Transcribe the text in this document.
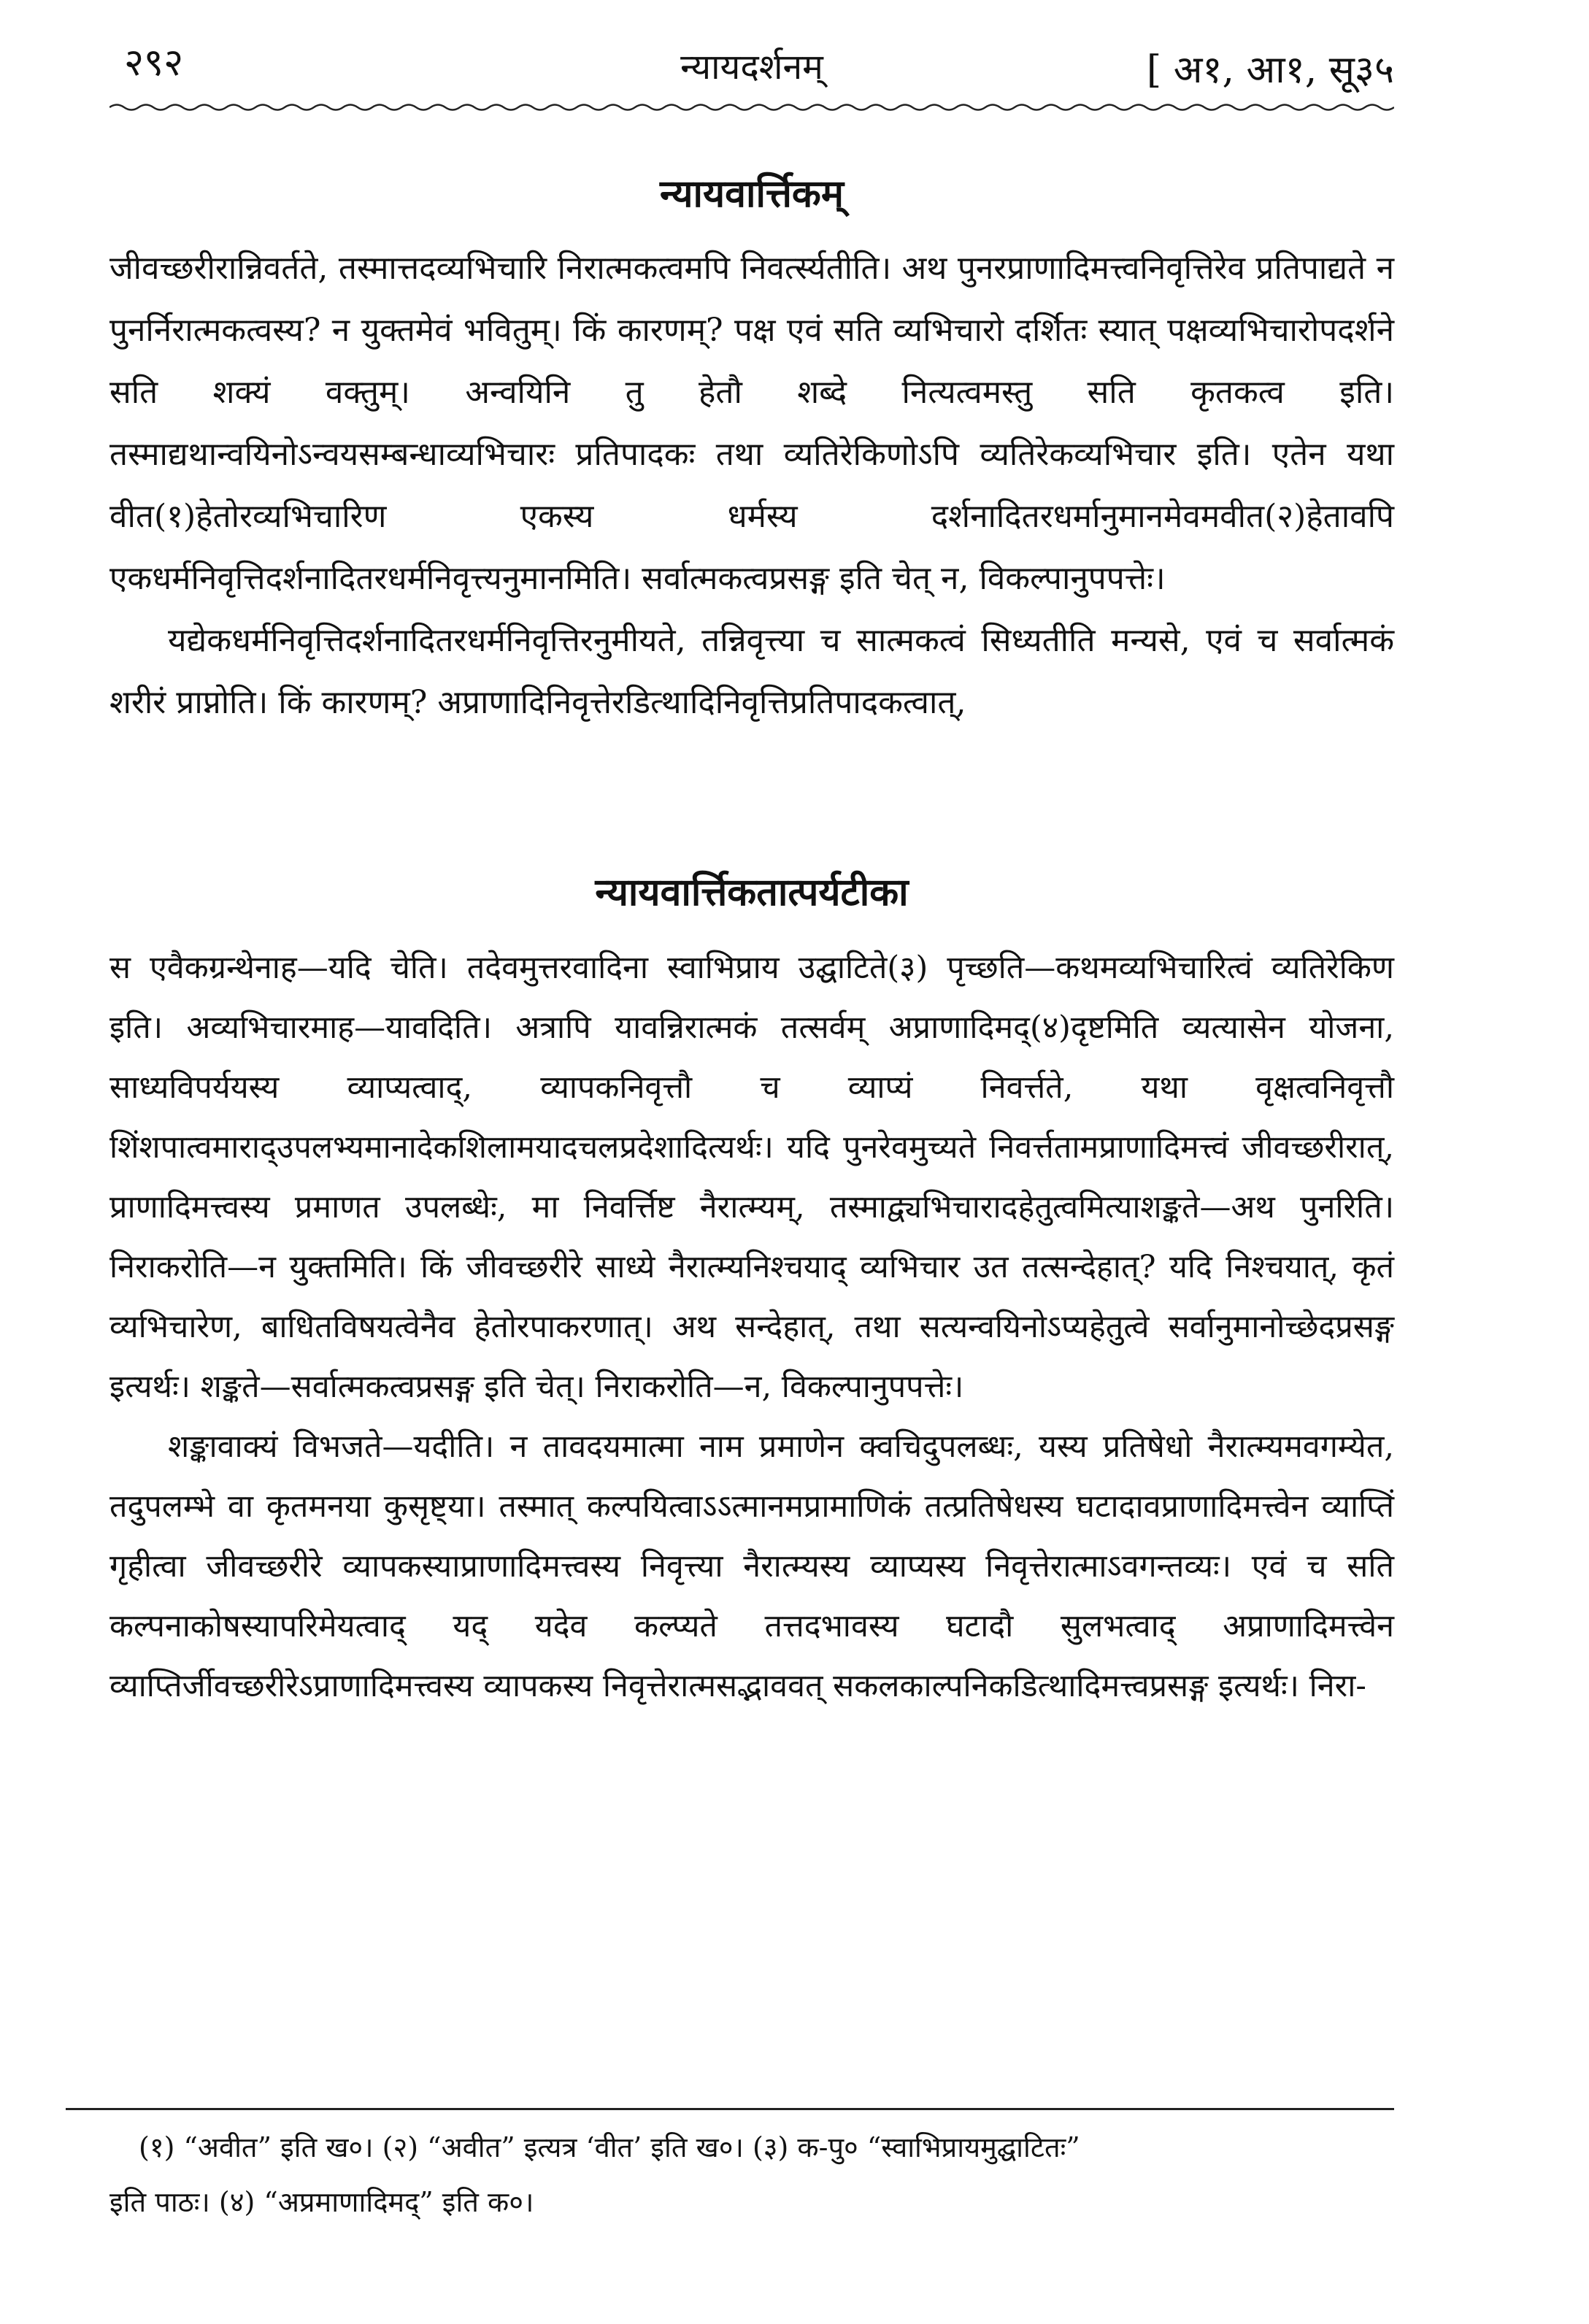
२९२	न्यायदर्शनम्	[ अ१, आ१, सू३५
न्यायवार्त्तिकम्

जीवच्छरीरान्निवर्तते, तस्मात्तदव्यभिचारि निरात्मकत्वमपि निवर्त्स्यतीति। अथ पुनरप्राणादिमत्त्वनिवृत्तिरेव प्रतिपाद्यते न पुनर्निरात्मकत्वस्य? न युक्तमेवं भवितुम्। किं कारणम्? पक्ष एवं सति व्यभिचारो दर्शितः स्यात् पक्षव्यभिचारोपदर्शने सति शक्यं वक्तुम्। अन्वयिनि तु हेतौ शब्दे नित्यत्वमस्तु सति कृतकत्व इति। तस्माद्यथान्वयिनोऽन्वयसम्बन्धाव्यभिचारः प्रतिपादकः तथा व्यतिरेकिणोऽपि व्यतिरेकव्यभिचार इति। एतेन यथा वीत(१)हेतोरव्यभिचारिण एकस्य धर्मस्य दर्शनादितरधर्मानुमानमेवमवीत(२)हेतावपि एकधर्मनिवृत्तिदर्शनादितरधर्मनिवृत्त्यनुमानमिति। सर्वात्मकत्वप्रसङ्ग इति चेत् न, विकल्पानुपपत्तेः।

यद्येकधर्मनिवृत्तिदर्शनादितरधर्मनिवृत्तिरनुमीयते, तन्निवृत्त्या च सात्मकत्वं सिध्यतीति मन्यसे, एवं च सर्वात्मकं शरीरं प्राप्नोति। किं कारणम्? अप्राणादिनिवृत्तेरडित्थादिनिवृत्तिप्रतिपादकत्वात्,

न्यायवार्त्तिकतात्पर्यटीका

स एवैकग्रन्थेनाह—यदि चेति। तदेवमुत्तरवादिना स्वाभिप्राय उद्घाटिते(३) पृच्छति—कथमव्यभिचारित्वं व्यतिरेकिण इति। अव्यभिचारमाह—यावदिति। अत्रापि यावन्निरात्मकं तत्सर्वम् अप्राणादिमद्(४)दृष्टमिति व्यत्यासेन योजना, साध्यविपर्ययस्य व्याप्यत्वाद्, व्यापकनिवृत्तौ च व्याप्यं निवर्त्तते, यथा वृक्षत्वनिवृत्तौ शिंशपात्वमाराद्उपलभ्यमानादेकशिलामयादचलप्रदेशादित्यर्थः। यदि पुनरेवमुच्यते निवर्त्ततामप्राणादिमत्त्वं जीवच्छरीरात्, प्राणादिमत्त्वस्य प्रमाणत उपलब्धेः, मा निवर्त्तिष्ट नैरात्म्यम्, तस्माद्व्यभिचारादहेतुत्वमित्याशङ्कते—अथ पुनरिति। निराकरोति—न युक्तमिति। किं जीवच्छरीरे साध्ये नैरात्म्यनिश्चयाद् व्यभिचार उत तत्सन्देहात्? यदि निश्चयात्, कृतं व्यभिचारेण, बाधितविषयत्वेनैव हेतोरपाकरणात्। अथ सन्देहात्, तथा सत्यन्वयिनोऽप्यहेतुत्वे सर्वानुमानोच्छेदप्रसङ्ग इत्यर्थः। शङ्कते—सर्वात्मकत्वप्रसङ्ग इति चेत्। निराकरोति—न, विकल्पानुपपत्तेः।

शङ्कावाक्यं विभजते—यदीति। न तावदयमात्मा नाम प्रमाणेन क्वचिदुपलब्धः, यस्य प्रतिषेधो नैरात्म्यमवगम्येत, तदुपलम्भे वा कृतमनया कुसृष्ट्या। तस्मात् कल्पयित्वाऽऽत्मानमप्रामाणिकं तत्प्रतिषेधस्य घटादावप्राणादिमत्त्वेन व्याप्तिं गृहीत्वा जीवच्छरीरे व्यापकस्याप्राणादिमत्त्वस्य निवृत्त्या नैरात्म्यस्य व्याप्यस्य निवृत्तेरात्माऽवगन्तव्यः। एवं च सति कल्पनाकोषस्यापरिमेयत्वाद् यद् यदेव कल्प्यते तत्तदभावस्य घटादौ सुलभत्वाद् अप्राणादिमत्त्वेन व्याप्तिर्जीवच्छरीरेऽप्राणादिमत्त्वस्य व्यापकस्य निवृत्तेरात्मसद्भाववत् सकलकाल्पनिकडित्थादिमत्त्वप्रसङ्ग इत्यर्थः। निरा-

(१) “अवीत” इति ख०। (२) “अवीत” इत्यत्र ‘वीत’ इति ख०। (३) क-पु० “स्वाभिप्रायमुद्घाटितः”

इति पाठः। (४) “अप्रमाणादिमद्” इति क०।
